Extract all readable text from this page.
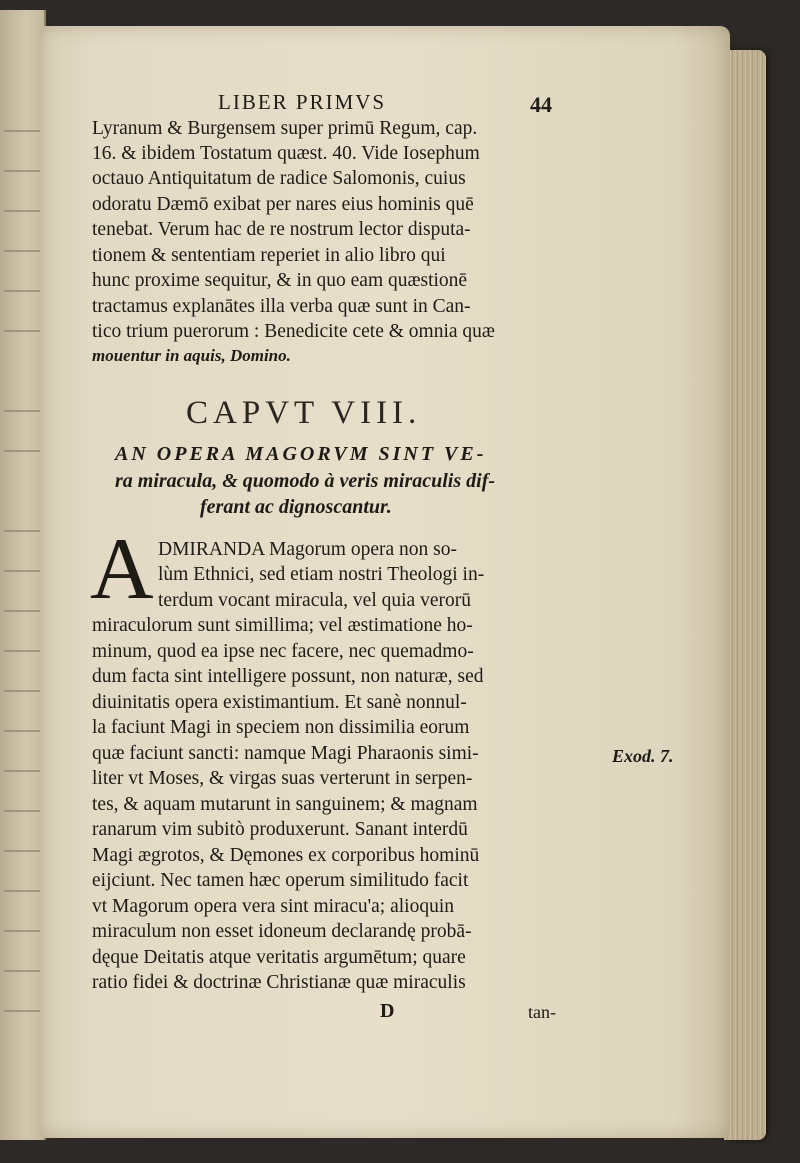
LIBER PRIMVS	44
Lyranum & Burgensem super primū Regum, cap.
16. & ibidem Tostatum quæst. 40. Vide Iosephum
octauo Antiquitatum de radice Salomonis, cuius
odoratu Dæmō exibat per nares eius hominis quē
tenebat. Verum hac de re nostrum lector disputa-
tionem & sententiam reperiet in alio libro qui
hunc proxime sequitur, & in quo eam quæstionē
tractamus explanātes illa verba quæ sunt in Can-
tico trium puerorum : Benedicite cete & omnia quæ
mouentur in aquis, Domino.
CAPVT VIII.
AN OPERA MAGORVM SINT VE-
ra miracula, & quomodo à veris miraculis dif-
ferant ac dignoscantur.
A DMIRANDA Magorum opera non so-
lùm Ethnici, sed etiam nostri Theologi in-
terdum vocant miracula, vel quia verorū
miraculorum sunt simillima; vel æstimatione ho-
minum, quod ea ipse nec facere, nec quemadmo-
dum facta sint intelligere possunt, non naturæ, sed
diuinitatis opera existimantium. Et sanè nonnul-
la faciunt Magi in speciem non dissimilia eorum
quæ faciunt sancti: namque Magi Pharaonis simi-
liter vt Moses, & virgas suas verterunt in serpen-
tes, & aquam mutarunt in sanguinem; & magnam
ranarum vim subitò produxerunt. Sanant interdū
Magi ægrotos, & Dęmones ex corporibus hominū
eijciunt. Nec tamen hæc operum similitudo facit
vt Magorum opera vera sint miracu'a; alioquin
miraculum non esset idoneum declarandę probā-
dęque Deitatis atque veritatis argumētum; quare
ratio fidei & doctrinæ Christianæ quæ miraculis
Exod. 7.
D	tan-
